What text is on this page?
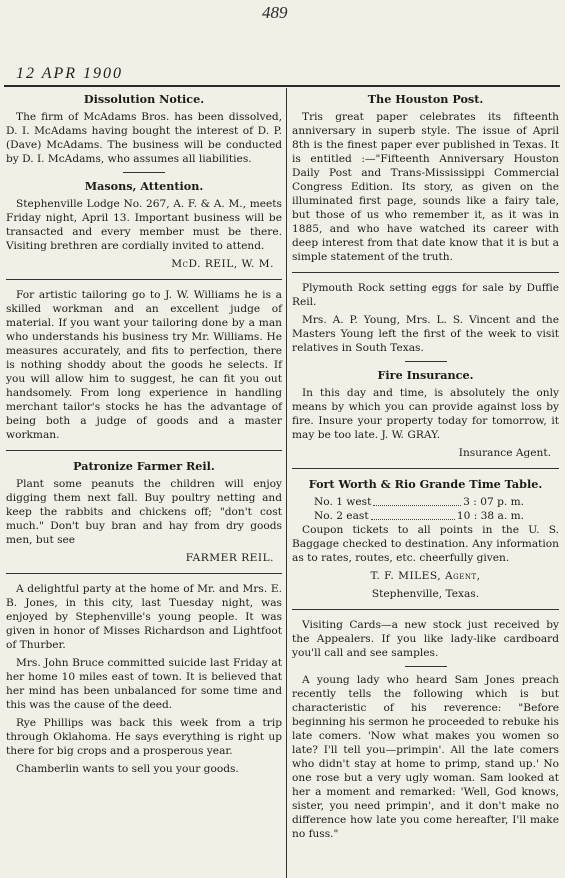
489
12 APR 1900
Dissolution Notice.

The firm of McAdams Bros. has been dissolved, D. I. McAdams having bought the interest of D. P. (Dave) McAdams. The business will be conducted by D. I. McAdams, who assumes all liabilities.

Masons, Attention.

Stephenville Lodge No. 267, A. F. & A. M., meets Friday night, April 13. Important business will be transacted and every member must be there. Visiting brethren are cordially invited to attend.

McD. REIL, W. M.

For artistic tailoring go to J. W. Williams he is a skilled workman and an excellent judge of material. If you want your tailoring done by a man who understands his business try Mr. Williams. He measures accurately, and fits to perfection, there is nothing shoddy about the goods he selects. If you will allow him to suggest, he can fit you out handsomely. From long experience in handling merchant tailor's stocks he has the advantage of being both a judge of goods and a master workman.

Patronize Farmer Reil.

Plant some peanuts the children will enjoy digging them next fall. Buy poultry netting and keep the rabbits and chickens off; "don't cost much." Don't buy bran and hay from dry goods men, but see

FARMER REIL.

A delightful party at the home of Mr. and Mrs. E. B. Jones, in this city, last Tuesday night, was enjoyed by Stephenville's young people. It was given in honor of Misses Richardson and Lightfoot of Thurber.

Mrs. John Bruce committed suicide last Friday at her home 10 miles east of town. It is believed that her mind has been unbalanced for some time and this was the cause of the deed.

Rye Phillips was back this week from a trip through Oklahoma. He says everything is right up there for big crops and a prosperous year.

Chamberlin wants to sell you your goods.

The Houston Post.

Tris great paper celebrates its fifteenth anniversary in superb style. The issue of April 8th is the finest paper ever published in Texas. It is entitled :—"Fifteenth Anniversary Houston Daily Post and Trans-Mississippi Commercial Congress Edition. Its story, as given on the illuminated first page, sounds like a fairy tale, but those of us who remember it, as it was in 1885, and who have watched its career with deep interest from that date know that it is but a simple statement of the truth.

Plymouth Rock setting eggs for sale by Duffie Reil.

Mrs. A. P. Young, Mrs. L. S. Vincent and the Masters Young left the first of the week to visit relatives in South Texas.

Fire Insurance.

In this day and time, is absolutely the only means by which you can provide against loss by fire. Insure your property today for tomorrow, it may be too late. J. W. GRAY.

Insurance Agent.
Fort Worth & Rio Grande Time Table.
No. 1 west	3 : 07 p. m.
No. 2 east	10 : 38 a. m.

Coupon tickets to all points in the U. S. Baggage checked to destination. Any information as to rates, routes, etc. cheerfully given.

T. F. MILES, Agent,
Stephenville, Texas.

Visiting Cards—a new stock just received by the Appealers. If you like lady-like cardboard you'll call and see samples.

A young lady who heard Sam Jones preach recently tells the following which is but characteristic of his reverence: "Before beginning his sermon he proceeded to rebuke his late comers. 'Now what makes you women so late? I'll tell you—primpin'. All the late comers who didn't stay at home to primp, stand up.' No one rose but a very ugly woman. Sam looked at her a moment and remarked: 'Well, God knows, sister, you need primpin', and it don't make no difference how late you come hereafter, I'll make no fuss."
